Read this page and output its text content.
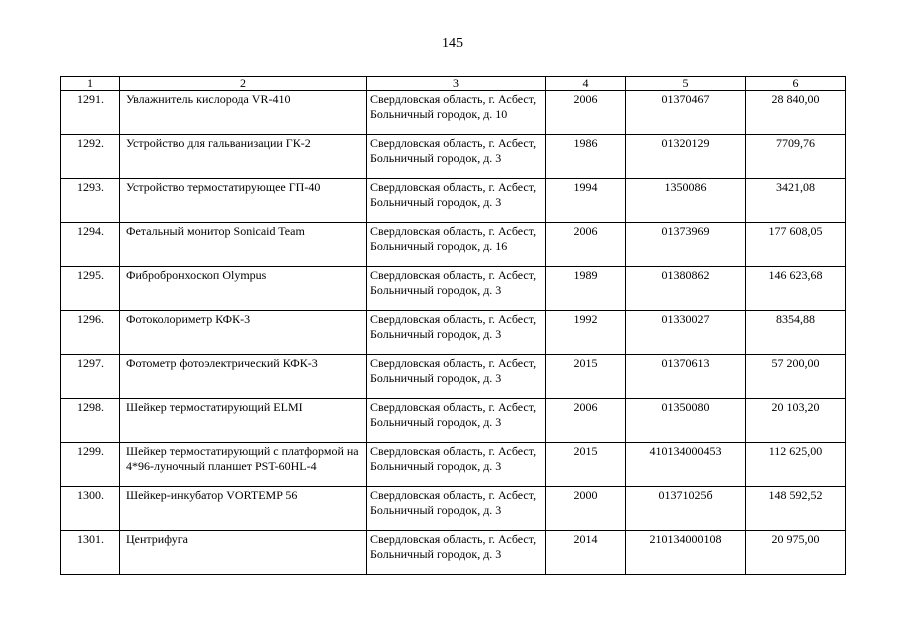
145
1	2	3	4	5	6
1291.	Увлажнитель кислорода VR-410	Свердловская область, г. Асбест, Больничный городок, д. 10	2006	01370467	28 840,00
1292.	Устройство для гальванизации ГК-2	Свердловская область, г. Асбест, Больничный городок, д. 3	1986	01320129	7709,76
1293.	Устройство термостатирующее ГП-40	Свердловская область, г. Асбест, Больничный городок, д. 3	1994	1350086	3421,08
1294.	Фетальный монитор Sonicaid Team	Свердловская область, г. Асбест, Больничный городок, д. 16	2006	01373969	177 608,05
1295.	Фибробронхоскоп Olympus	Свердловская область, г. Асбест, Больничный городок, д. 3	1989	01380862	146 623,68
1296.	Фотоколориметр КФК-3	Свердловская область, г. Асбест, Больничный городок, д. 3	1992	01330027	8354,88
1297.	Фотометр фотоэлектрический КФК-3	Свердловская область, г. Асбест, Больничный городок, д. 3	2015	01370613	57 200,00
1298.	Шейкер термостатирующий ELMI	Свердловская область, г. Асбест, Больничный городок, д. 3	2006	01350080	20 103,20
1299.	Шейкер термостатирующий с платформой на 4*96-луночный планшет PST-60HL-4	Свердловская область, г. Асбест, Больничный городок, д. 3	2015	410134000453	112 625,00
1300.	Шейкер-инкубатор VORTEMP 56	Свердловская область, г. Асбест, Больничный городок, д. 3	2000	01371025б	148 592,52
1301.	Центрифуга	Свердловская область, г. Асбест, Больничный городок, д. 3	2014	210134000108	20 975,00
